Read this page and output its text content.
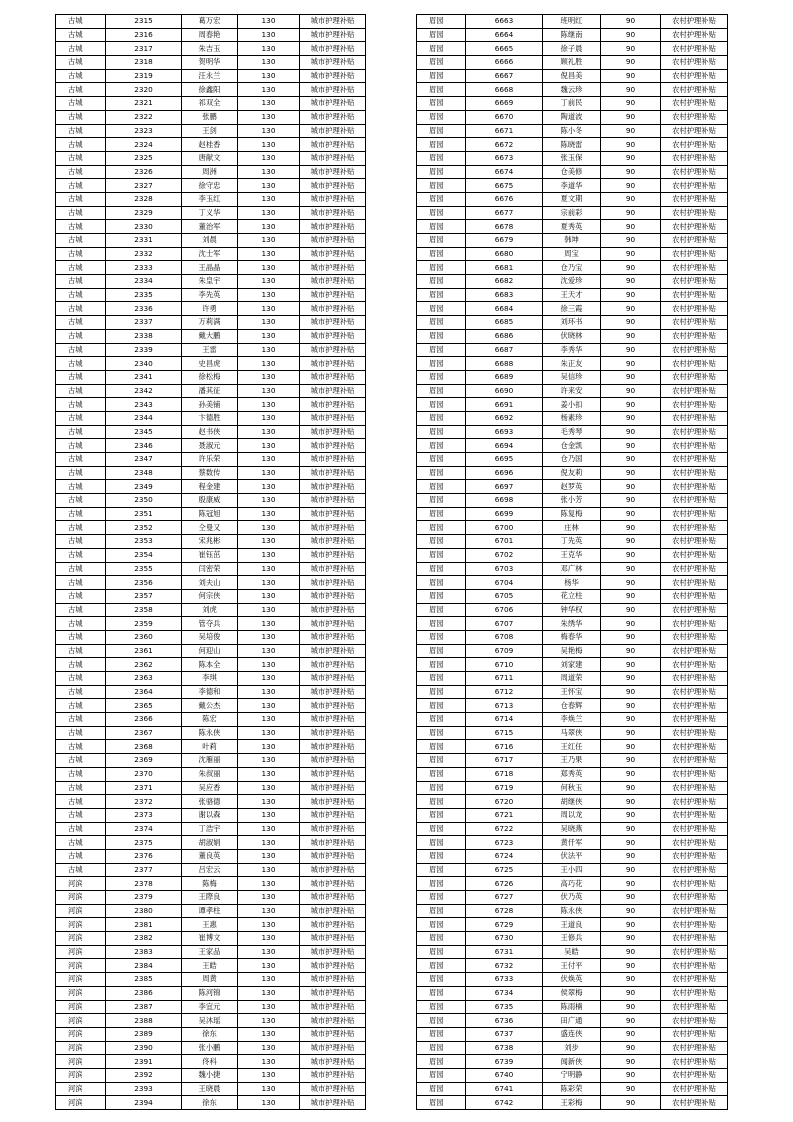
古城	2315	葛万宏	130	城市护理补贴
古城	2316	周春艳	130	城市护理补贴
古城	2317	朱吉玉	130	城市护理补贴
古城	2318	贺明华	130	城市护理补贴
古城	2319	汪永兰	130	城市护理补贴
古城	2320	徐鑫阳	130	城市护理补贴
古城	2321	祁双全	130	城市护理补贴
古城	2322	张鹏	130	城市护理补贴
古城	2323	王剑	130	城市护理补贴
古城	2324	赵桂香	130	城市护理补贴
古城	2325	唐献文	130	城市护理补贴
古城	2326	周洲	130	城市护理补贴
古城	2327	徐守忠	130	城市护理补贴
古城	2328	李玉红	130	城市护理补贴
古城	2329	丁义华	130	城市护理补贴
古城	2330	董治军	130	城市护理补贴
古城	2331	刘晨	130	城市护理补贴
古城	2332	沈士军	130	城市护理补贴
古城	2333	王晶晶	130	城市护理补贴
古城	2334	朱皇宇	130	城市护理补贴
古城	2335	李先英	130	城市护理补贴
古城	2336	许勇	130	城市护理补贴
古城	2337	万莉满	130	城市护理补贴
古城	2338	戴大鹏	130	城市护理补贴
古城	2339	王雷	130	城市护理补贴
古城	2340	史昌虎	130	城市护理补贴
古城	2341	徐松梅	130	城市护理补贴
古城	2342	潘其征	130	城市护理补贴
古城	2343	孙美铺	130	城市护理补贴
古城	2344	卞德胜	130	城市护理补贴
古城	2345	赵书侠	130	城市护理补贴
古城	2346	聂淑元	130	城市护理补贴
古城	2347	许乐荣	130	城市护理补贴
古城	2348	蔡数传	130	城市护理补贴
古城	2349	程金建	130	城市护理补贴
古城	2350	殷康威	130	城市护理补贴
古城	2351	陈冠旭	130	城市护理补贴
古城	2352	仝曼又	130	城市护理补贴
古城	2353	宋兆彬	130	城市护理补贴
古城	2354	崔钰茁	130	城市护理补贴
古城	2355	闫密荣	130	城市护理补贴
古城	2356	刘夫山	130	城市护理补贴
古城	2357	何宗侠	130	城市护理补贴
古城	2358	刘虎	130	城市护理补贴
古城	2359	管夺兵	130	城市护理补贴
古城	2360	吴培俊	130	城市护理补贴
古城	2361	何迎山	130	城市护理补贴
古城	2362	陈本全	130	城市护理补贴
古城	2363	李琪	130	城市护理补贴
古城	2364	李德和	130	城市护理补贴
古城	2365	戴公杰	130	城市护理补贴
古城	2366	陈宏	130	城市护理补贴
古城	2367	陈永侠	130	城市护理补贴
古城	2368	叶莉	130	城市护理补贴
古城	2369	沈雁丽	130	城市护理补贴
古城	2370	朱叔丽	130	城市护理补贴
古城	2371	吴应香	130	城市护理补贴
古城	2372	张骆德	130	城市护理补贴
古城	2373	谢以森	130	城市护理补贴
古城	2374	丁浩宇	130	城市护理补贴
古城	2375	胡淑娟	130	城市护理补贴
古城	2376	董良英	130	城市护理补贴
古城	2377	吕宏云	130	城市护理补贴
河滨	2378	陈梅	130	城市护理补贴
河滨	2379	王際良	130	城市护理补贴
河滨	2380	谭孝柱	130	城市护理补贴
河滨	2381	王惠	130	城市护理补贴
河滨	2382	崔博文	130	城市护理补贴
河滨	2383	王家品	130	城市护理补贴
河滨	2384	王皓	130	城市护理补贴
河滨	2385	周黄	130	城市护理补贴
河滨	2386	陈河锦	130	城市护理补贴
河滨	2387	李宜元	130	城市护理补贴
河滨	2388	吴沐瑶	130	城市护理补贴
河滨	2389	徐东	130	城市护理补贴
河滨	2390	张小鹏	130	城市护理补贴
河滨	2391	佟科	130	城市护理补贴
河滨	2392	魏小捷	130	城市护理补贴
河滨	2393	王晓晨	130	城市护理补贴
河滨	2394	徐东	130	城市护理补贴
眉园	6663	班明红	90	农村护理补贴
眉园	6664	陈继南	90	农村护理补贴
眉园	6665	徐子晨	90	农村护理补贴
眉园	6666	顾礼胜	90	农村护理补贴
眉园	6667	倪昌美	90	农村护理补贴
眉园	6668	魏云珍	90	农村护理补贴
眉园	6669	丁前民	90	农村护理补贴
眉园	6670	陶道波	90	农村护理补贴
眉园	6671	陈小冬	90	农村护理补贴
眉园	6672	陈晓雷	90	农村护理补贴
眉园	6673	张玉保	90	农村护理补贴
眉园	6674	仓美修	90	农村护理补贴
眉园	6675	李道华	90	农村护理补贴
眉园	6676	夏文期	90	农村护理补贴
眉园	6677	宗前彩	90	农村护理补贴
眉园	6678	夏秀英	90	农村护理补贴
眉园	6679	韩坤	90	农村护理补贴
眉园	6680	周宝	90	农村护理补贴
眉园	6681	仓乃宝	90	农村护理补贴
眉园	6682	沈爱珍	90	农村护理补贴
眉园	6683	王天才	90	农村护理补贴
眉园	6684	徐三霞	90	农村护理补贴
眉园	6685	刘环书	90	农村护理补贴
眉园	6686	伏晓林	90	农村护理补贴
眉园	6687	李秀华	90	农村护理补贴
眉园	6688	朱正友	90	农村护理补贴
眉园	6689	吴信珍	90	农村护理补贴
眉园	6690	许来安	90	农村护理补贴
眉园	6691	姜小扣	90	农村护理补贴
眉园	6692	杨素珍	90	农村护理补贴
眉园	6693	毛秀琴	90	农村护理补贴
眉园	6694	仓金凯	90	农村护理补贴
眉园	6695	仓乃国	90	农村护理补贴
眉园	6696	倪友莉	90	农村护理补贴
眉园	6697	赵罗英	90	农村护理补贴
眉园	6698	张小芳	90	农村护理补贴
眉园	6699	陈复梅	90	农村护理补贴
眉园	6700	庄林	90	农村护理补贴
眉园	6701	丁先英	90	农村护理补贴
眉园	6702	王克华	90	农村护理补贴
眉园	6703	邓广林	90	农村护理补贴
眉园	6704	杨华	90	农村护理补贴
眉园	6705	花立柱	90	农村护理补贴
眉园	6706	钟华权	90	农村护理补贴
眉园	6707	朱绣华	90	农村护理补贴
眉园	6708	梅春华	90	农村护理补贴
眉园	6709	吴艳梅	90	农村护理补贴
眉园	6710	刘家建	90	农村护理补贴
眉园	6711	周道荣	90	农村护理补贴
眉园	6712	王怀宝	90	农村护理补贴
眉园	6713	仓春辉	90	农村护理补贴
眉园	6714	李焕兰	90	农村护理补贴
眉园	6715	马翠侠	90	农村护理补贴
眉园	6716	王红任	90	农村护理补贴
眉园	6717	王乃果	90	农村护理补贴
眉园	6718	郑秀英	90	农村护理补贴
眉园	6719	何秋玉	90	农村护理补贴
眉园	6720	胡继侠	90	农村护理补贴
眉园	6721	周以龙	90	农村护理补贴
眉园	6722	吴晓燕	90	农村护理补贴
眉园	6723	黄仟军	90	农村护理补贴
眉园	6724	伏法平	90	农村护理补贴
眉园	6725	王小四	90	农村护理补贴
眉园	6726	高巧花	90	农村护理补贴
眉园	6727	伏乃英	90	农村护理补贴
眉园	6728	陈永侠	90	农村护理补贴
眉园	6729	王道良	90	农村护理补贴
眉园	6730	王修兵	90	农村护理补贴
眉园	6731	吴皓	90	农村护理补贴
眉园	6732	王付平	90	农村护理补贴
眉园	6733	伏焕英	90	农村护理补贴
眉园	6734	侯翠梅	90	农村护理补贴
眉园	6735	陈雨楠	90	农村护理补贴
眉园	6736	田广通	90	农村护理补贴
眉园	6737	盛连侠	90	农村护理补贴
眉园	6738	刘步	90	农村护理补贴
眉园	6739	闻新侠	90	农村护理补贴
眉园	6740	宁明静	90	农村护理补贴
眉园	6741	陈彩荣	90	农村护理补贴
眉园	6742	王彩梅	90	农村护理补贴
